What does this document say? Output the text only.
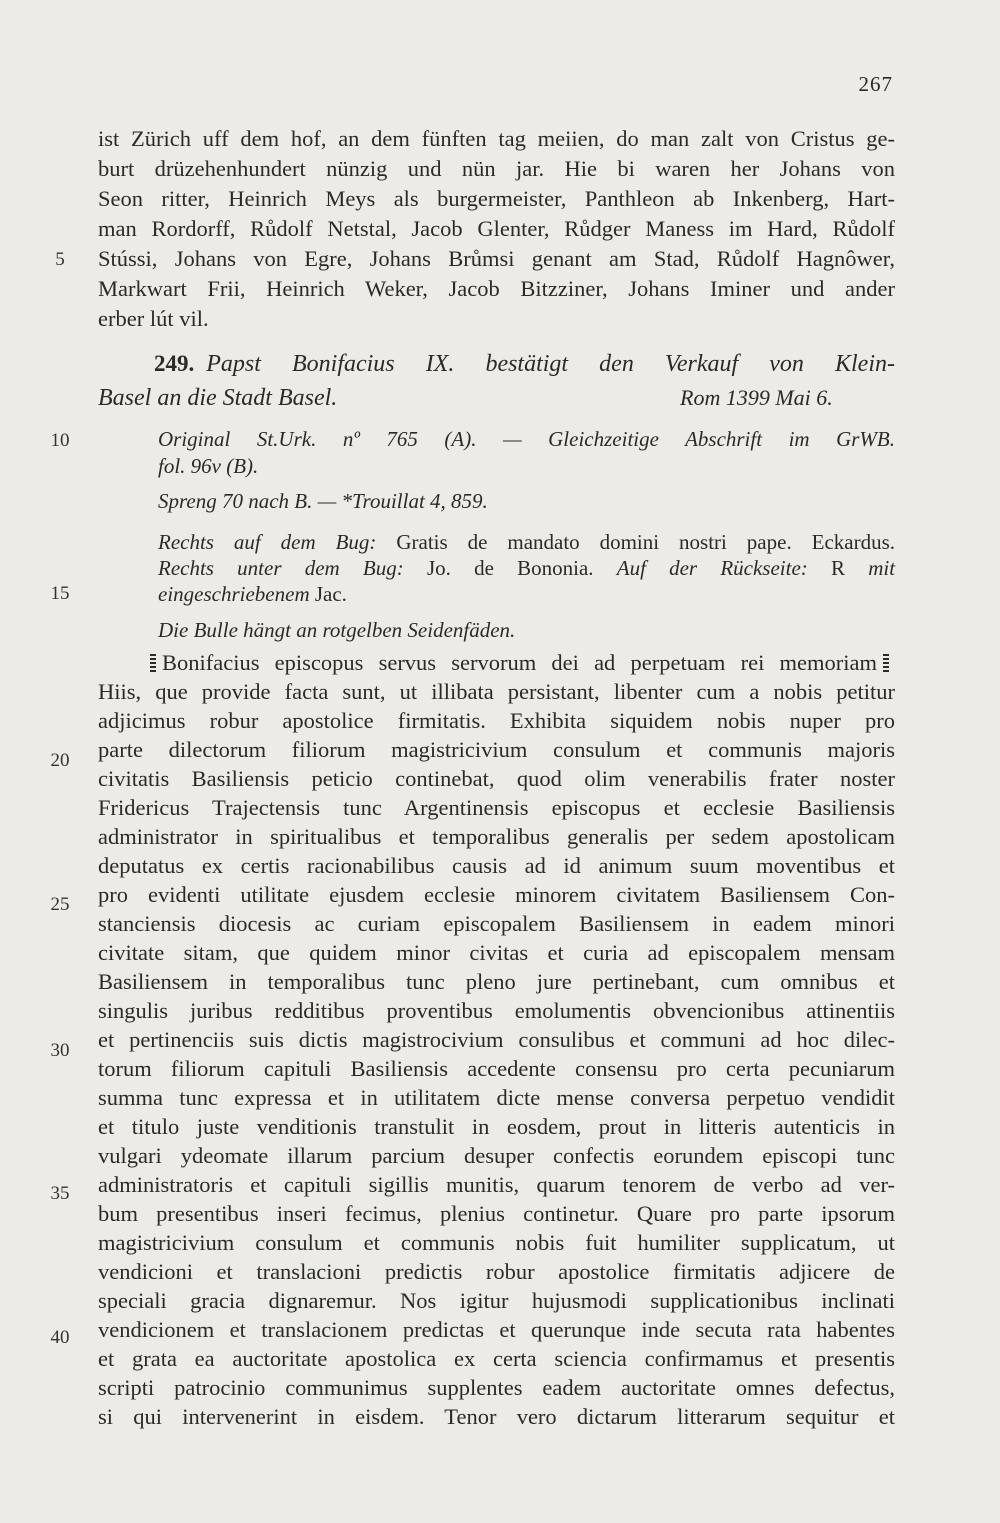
267
ist Zürich uff dem hof, an dem fünften tag meiien, do man zalt von Cristus ge-
burt drüzehenhundert nünzig und nün jar. Hie bi waren her Johans von
Seon ritter, Heinrich Meys als burgermeister, Panthleon ab Inkenberg, Hart-
man Rordorff, Růdolf Netstal, Jacob Glenter, Růdger Maness im Hard, Růdolf
Stússi, Johans von Egre, Johans Brůmsi genant am Stad, Růdolf Hagnôwer,
Markwart Frii, Heinrich Weker, Jacob Bitzziner, Johans Iminer und ander
erber lút vil.
249. Papst Bonifacius IX. bestätigt den Verkauf von Klein-
Basel an die Stadt Basel.	Rom 1399 Mai 6.
Original St.Urk. nº 765 (A). — Gleichzeitige Abschrift im GrWB.
fol. 96v (B).
Spreng 70 nach B. — *Trouillat 4, 859.
Rechts auf dem Bug: Gratis de mandato domini nostri pape. Eckardus.
Rechts unter dem Bug: Jo. de Bononia. Auf der Rückseite: R mit
eingeschriebenem Jac.
Die Bulle hängt an rotgelben Seidenfäden.
Bonifacius episcopus servus servorum dei ad perpetuam rei memoriam
Hiis, que provide facta sunt, ut illibata persistant, libenter cum a nobis petitur
adjicimus robur apostolice firmitatis. Exhibita siquidem nobis nuper pro
parte dilectorum filiorum magistricivium consulum et communis majoris
civitatis Basiliensis peticio continebat, quod olim venerabilis frater noster
Fridericus Trajectensis tunc Argentinensis episcopus et ecclesie Basiliensis
administrator in spiritualibus et temporalibus generalis per sedem apostolicam
deputatus ex certis racionabilibus causis ad id animum suum moventibus et
pro evidenti utilitate ejusdem ecclesie minorem civitatem Basiliensem Con-
stanciensis diocesis ac curiam episcopalem Basiliensem in eadem minori
civitate sitam, que quidem minor civitas et curia ad episcopalem mensam
Basiliensem in temporalibus tunc pleno jure pertinebant, cum omnibus et
singulis juribus redditibus proventibus emolumentis obvencionibus attinentiis
et pertinenciis suis dictis magistrocivium consulibus et communi ad hoc dilec-
torum filiorum capituli Basiliensis accedente consensu pro certa pecuniarum
summa tunc expressa et in utilitatem dicte mense conversa perpetuo vendidit
et titulo juste venditionis transtulit in eosdem, prout in litteris autenticis in
vulgari ydeomate illarum parcium desuper confectis eorundem episcopi tunc
administratoris et capituli sigillis munitis, quarum tenorem de verbo ad ver-
bum presentibus inseri fecimus, plenius continetur. Quare pro parte ipsorum
magistricivium consulum et communis nobis fuit humiliter supplicatum, ut
vendicioni et translacioni predictis robur apostolice firmitatis adjicere de
speciali gracia dignaremur. Nos igitur hujusmodi supplicationibus inclinati
vendicionem et translacionem predictas et querunque inde secuta rata habentes
et grata ea auctoritate apostolica ex certa sciencia confirmamus et presentis
scripti patrocinio communimus supplentes eadem auctoritate omnes defectus,
si qui intervenerint in eisdem. Tenor vero dictarum litterarum sequitur et
5
10
15
20
25
30
35
40
